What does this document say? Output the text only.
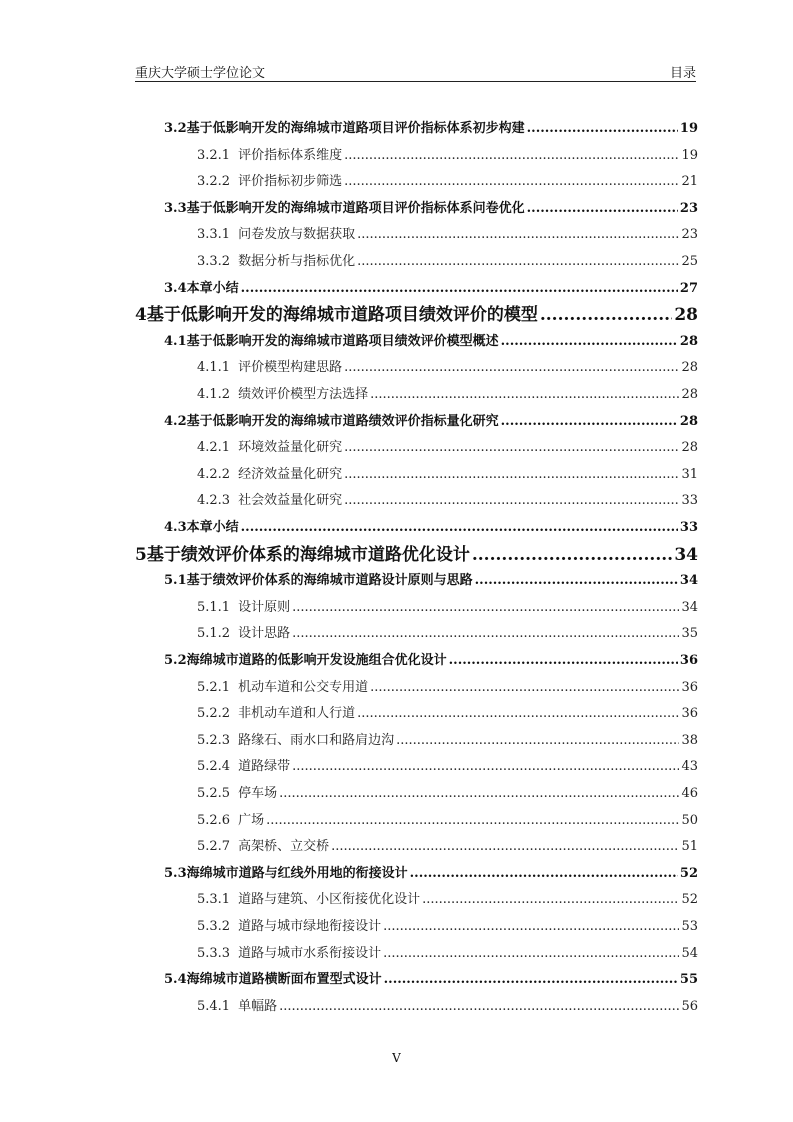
重庆大学硕士学位论文	目录
3.2 基于低影响开发的海绵城市道路项目评价指标体系初步构建 .....	19
3.2.1 评价指标体系维度 .....	19
3.2.2 评价指标初步筛选 .....	21
3.3 基于低影响开发的海绵城市道路项目评价指标体系问卷优化 .....	23
3.3.1 问卷发放与数据获取 .....	23
3.3.2 数据分析与指标优化 .....	25
3.4 本章小结 .....	27
4 基于低影响开发的海绵城市道路项目绩效评价的模型 .....	28
4.1 基于低影响开发的海绵城市道路项目绩效评价模型概述 .....	28
4.1.1 评价模型构建思路 .....	28
4.1.2 绩效评价模型方法选择 .....	28
4.2 基于低影响开发的海绵城市道路绩效评价指标量化研究 .....	28
4.2.1 环境效益量化研究 .....	28
4.2.2 经济效益量化研究 .....	31
4.2.3 社会效益量化研究 .....	33
4.3 本章小结 .....	33
5 基于绩效评价体系的海绵城市道路优化设计 .....	34
5.1 基于绩效评价体系的海绵城市道路设计原则与思路 .....	34
5.1.1 设计原则 .....	34
5.1.2 设计思路 .....	35
5.2 海绵城市道路的低影响开发设施组合优化设计 .....	36
5.2.1 机动车道和公交专用道 .....	36
5.2.2 非机动车道和人行道 .....	36
5.2.3 路缘石、雨水口和路肩边沟 .....	38
5.2.4 道路绿带 .....	43
5.2.5 停车场 .....	46
5.2.6 广场 .....	50
5.2.7 高架桥、立交桥 .....	51
5.3 海绵城市道路与红线外用地的衔接设计 .....	52
5.3.1 道路与建筑、小区衔接优化设计 .....	52
5.3.2 道路与城市绿地衔接设计 .....	53
5.3.3 道路与城市水系衔接设计 .....	54
5.4 海绵城市道路横断面布置型式设计 .....	55
5.4.1 单幅路 .....	56
V
